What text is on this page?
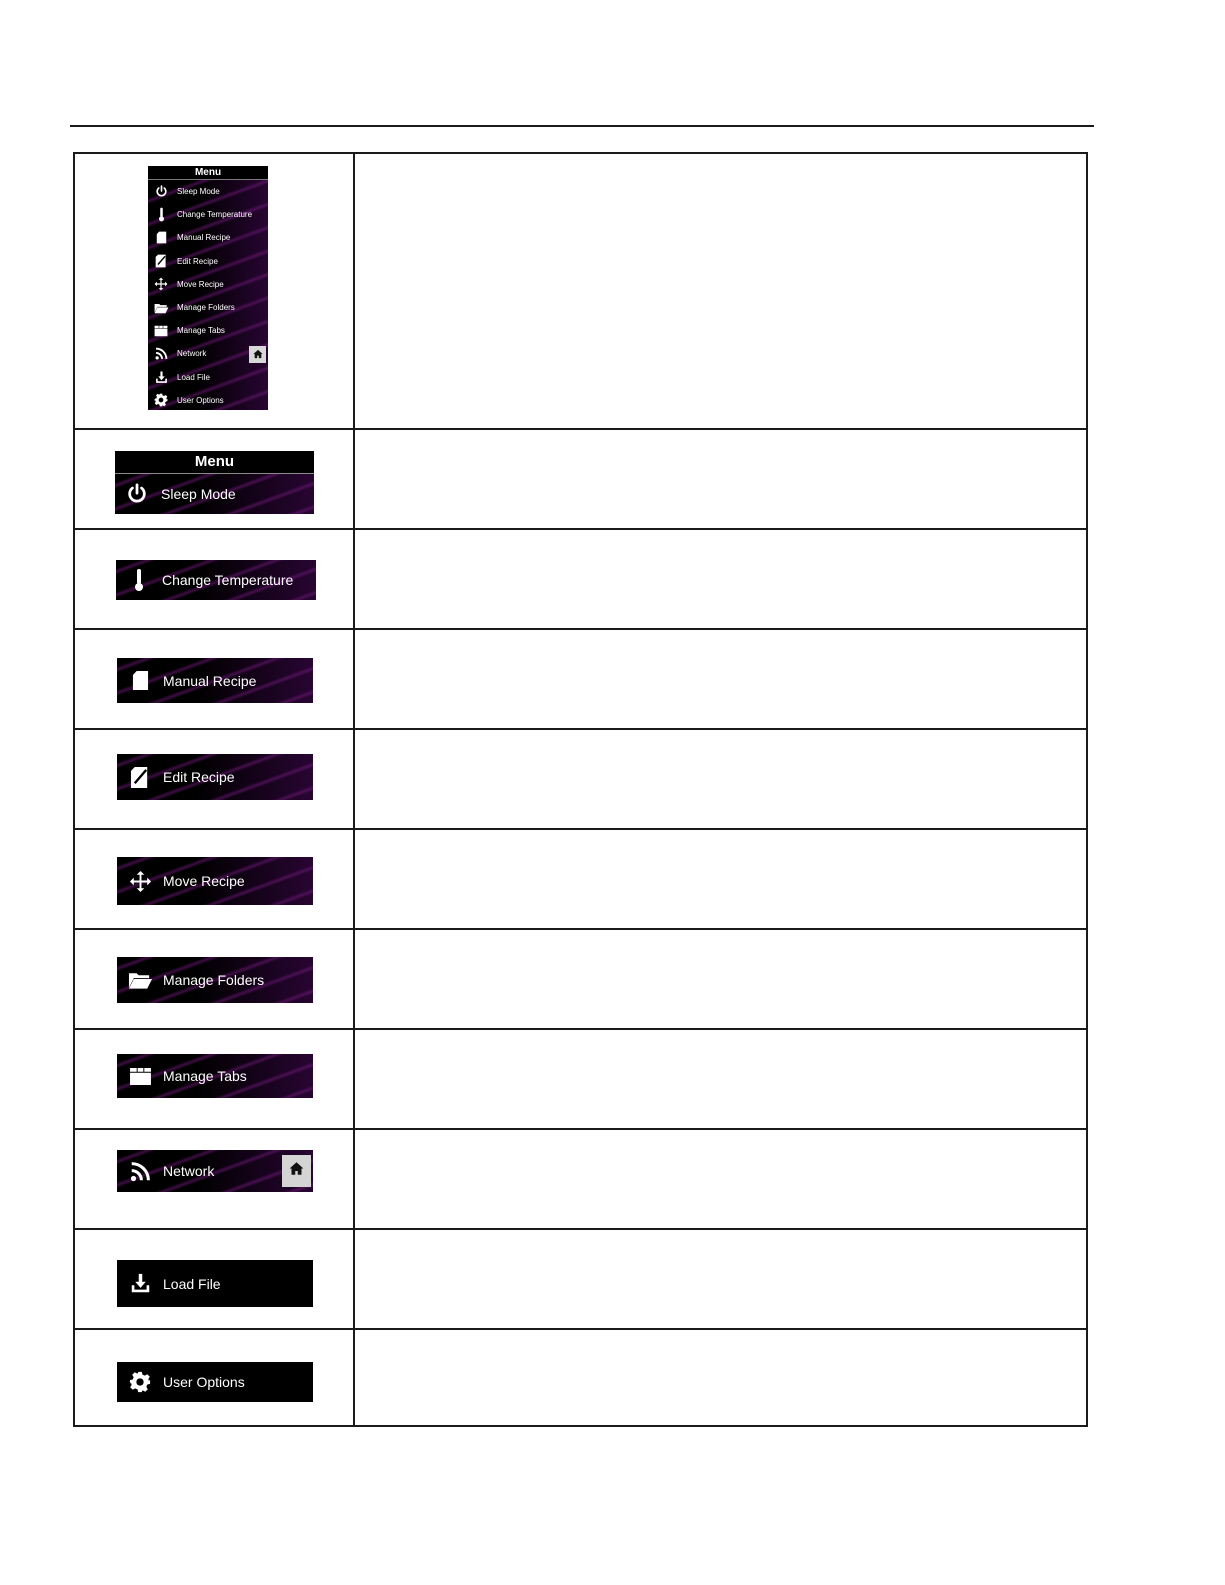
Menu
Sleep Mode
Change Temperature
Manual Recipe
Edit Recipe
Move Recipe
Manage Folders
Manage Tabs
Network
Load File
User Options
Menu
Sleep Mode
Change Temperature
Manual Recipe
Edit Recipe
Move Recipe
Manage Folders
Manage Tabs
Network
Load File
User Options
